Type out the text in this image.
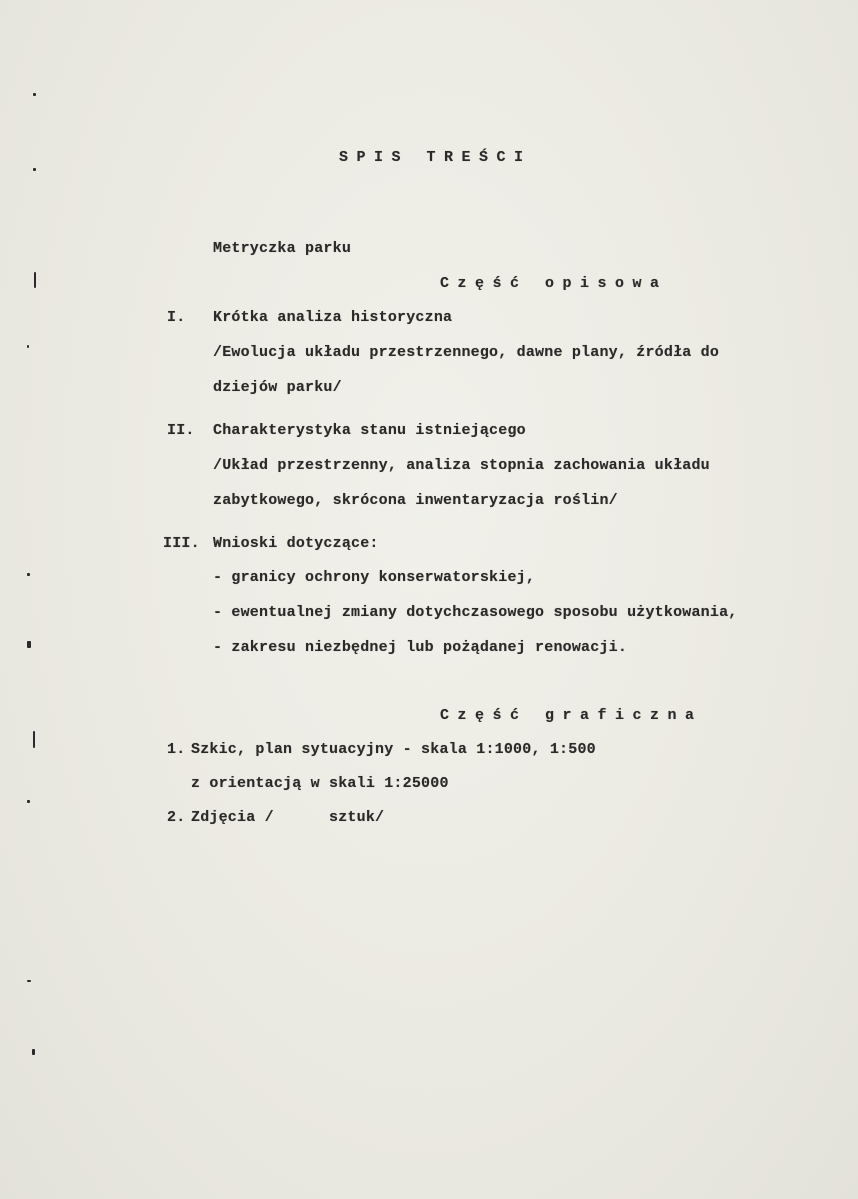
SPIS TREŚCI
Metryczka parku
Część opisowa
I. Krótka analiza historyczna
/Ewolucja układu przestrzennego, dawne plany, źródła do
dziejów parku/
II. Charakterystyka stanu istniejącego
/Układ przestrzenny, analiza stopnia zachowania układu
zabytkowego, skrócona inwentaryzacja roślin/
III. Wnioski dotyczące:
- granicy ochrony konserwatorskiej,
- ewentualnej zmiany dotychczasowego sposobu użytkowania,
- zakresu niezbędnej lub pożądanej renowacji.
Część graficzna
1. Szkic, plan sytuacyjny - skala 1:1000, 1:500
z orientacją w skali 1:25000
2. Zdjęcia /      sztuk/
